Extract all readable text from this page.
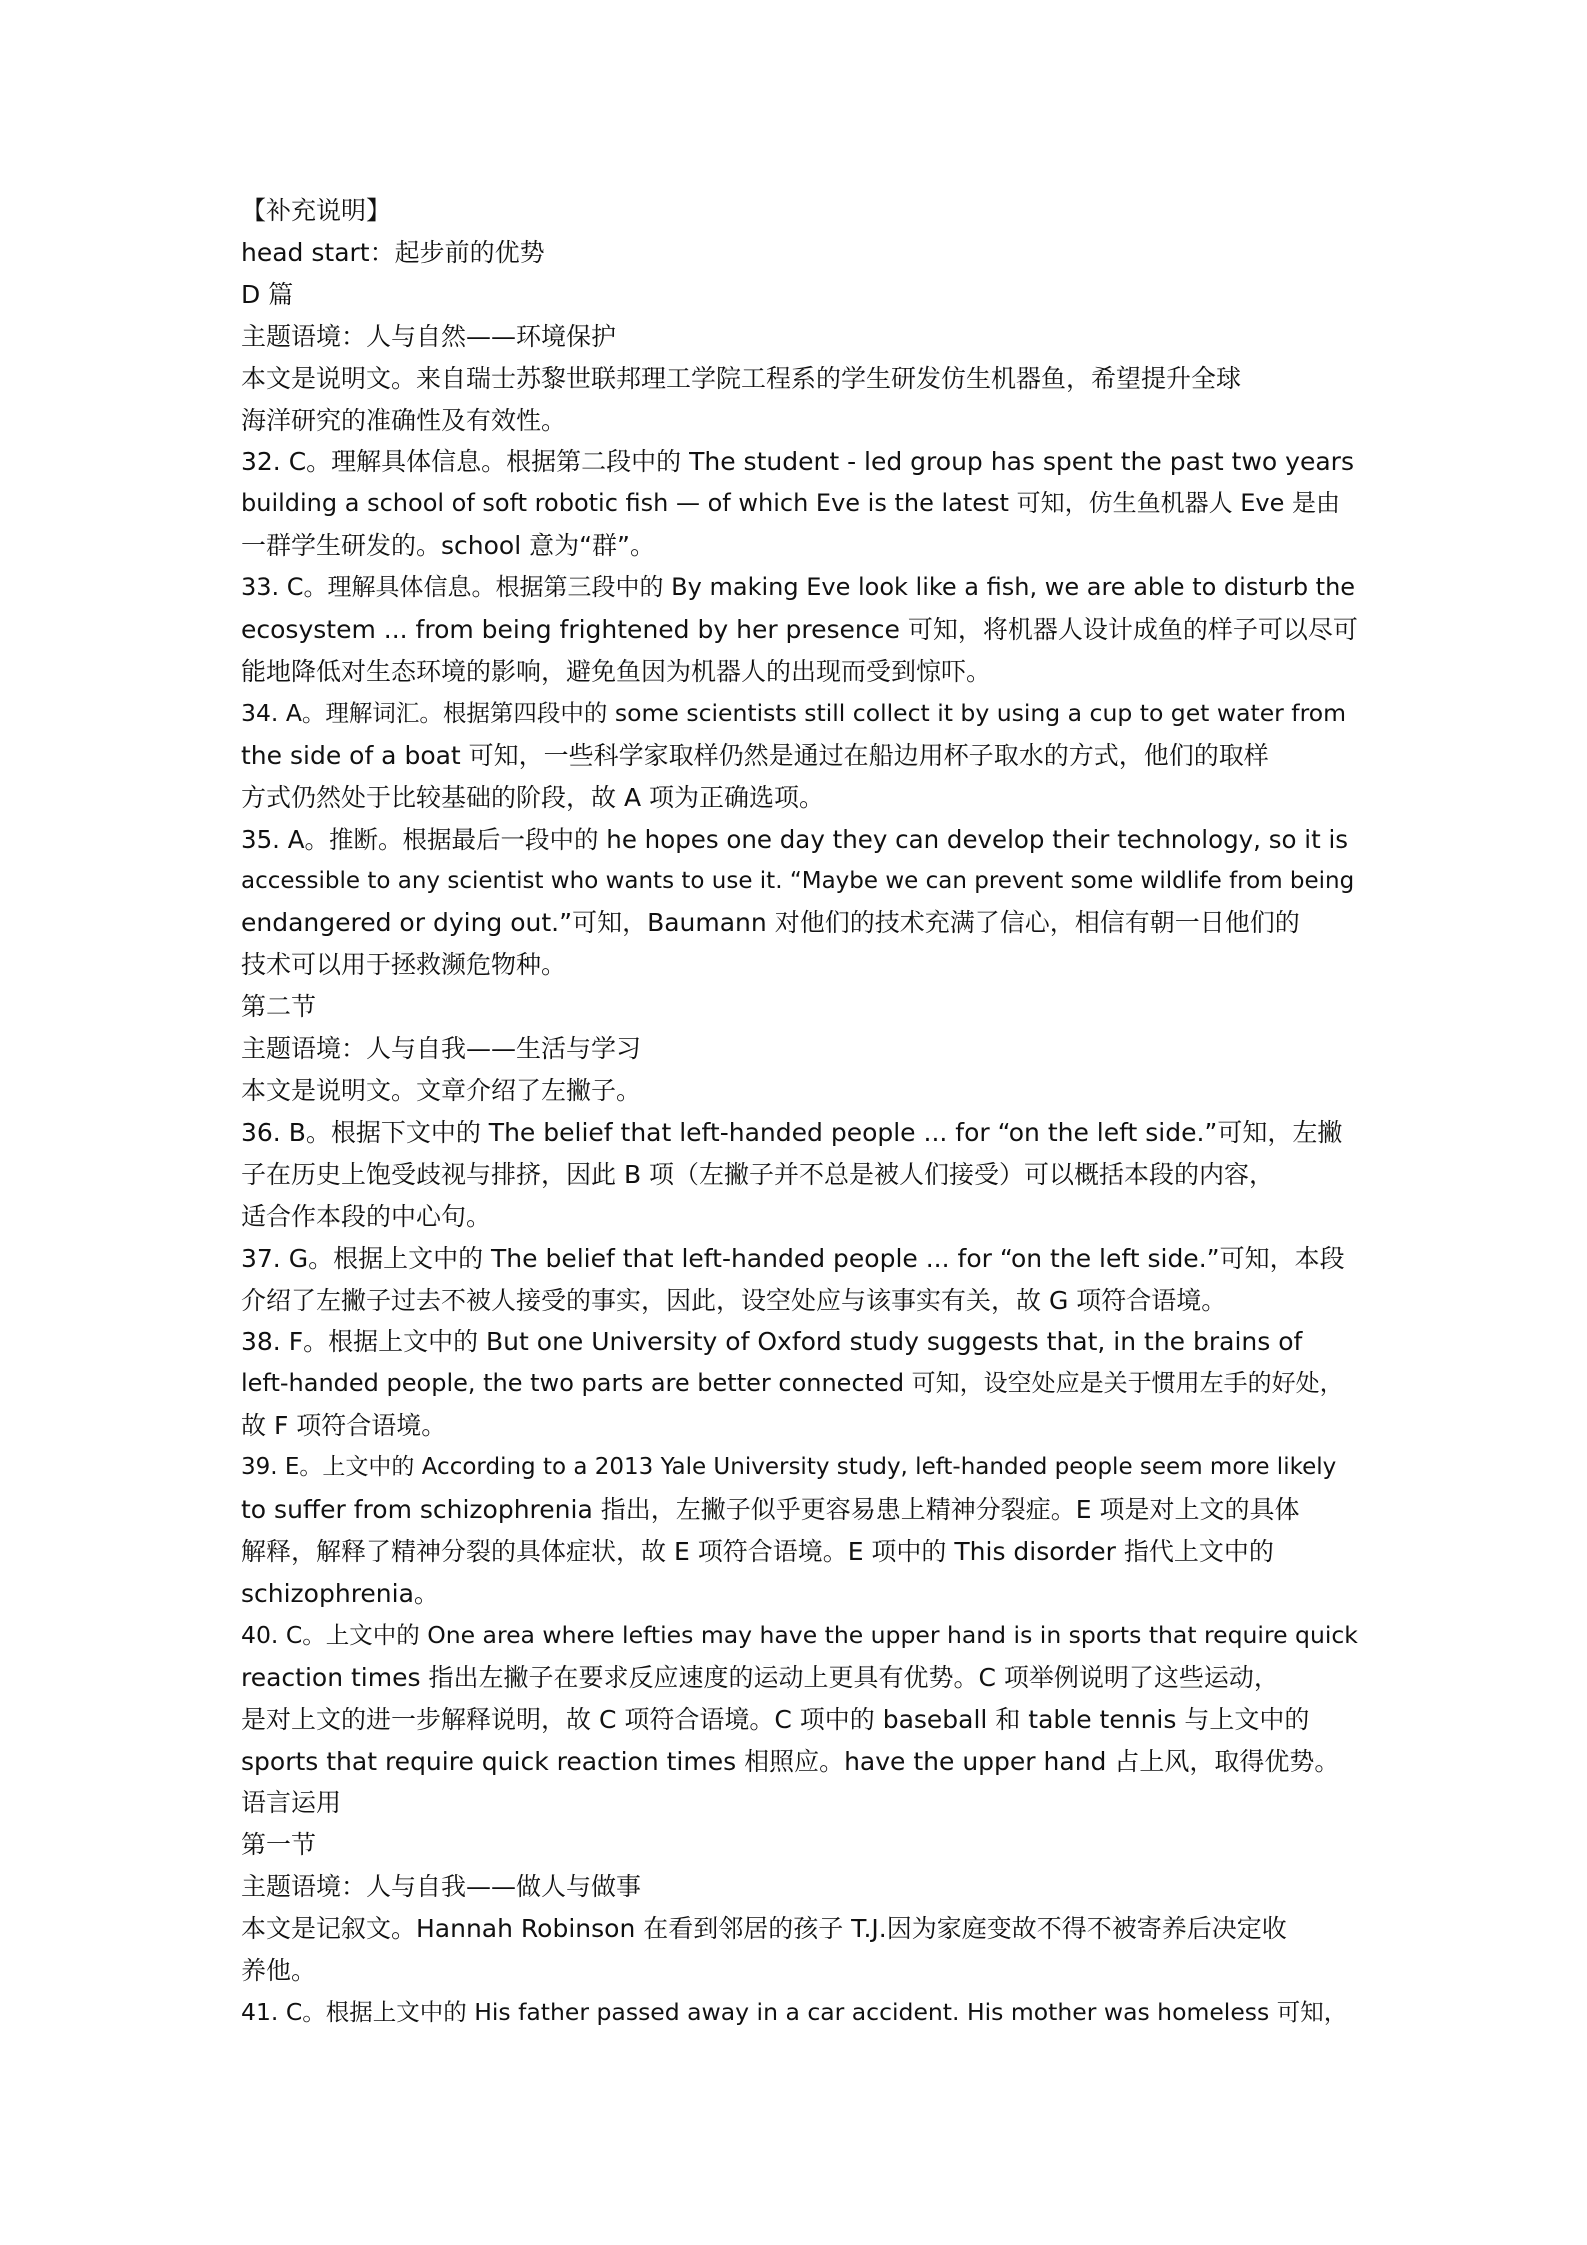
【补充说明】
head start：起步前的优势
D 篇
主题语境：人与自然——环境保护
本文是说明文。来自瑞士苏黎世联邦理工学院工程系的学生研发仿生机器鱼，希望提升全球
海洋研究的准确性及有效性。
32. C。理解具体信息。根据第二段中的 The student - led group has spent the past two years
building a school of soft robotic fish — of which Eve is the latest 可知，仿生鱼机器人 Eve 是由
一群学生研发的。school 意为“群”。
33. C。理解具体信息。根据第三段中的 By making Eve look like a fish, we are able to disturb the
ecosystem ... from being frightened by her presence 可知，将机器人设计成鱼的样子可以尽可
能地降低对生态环境的影响，避免鱼因为机器人的出现而受到惊吓。
34. A。理解词汇。根据第四段中的 some scientists still collect it by using a cup to get water from
the side of a boat 可知，一些科学家取样仍然是通过在船边用杯子取水的方式，他们的取样
方式仍然处于比较基础的阶段，故 A 项为正确选项。
35. A。推断。根据最后一段中的 he hopes one day they can develop their technology, so it is
accessible to any scientist who wants to use it. “Maybe we can prevent some wildlife from being
endangered or dying out.”可知，Baumann 对他们的技术充满了信心，相信有朝一日他们的
技术可以用于拯救濒危物种。
第二节
主题语境：人与自我——生活与学习
本文是说明文。文章介绍了左撇子。
36. B。根据下文中的 The belief that left-handed people ... for “on the left side.”可知，左撇
子在历史上饱受歧视与排挤，因此 B 项（左撇子并不总是被人们接受）可以概括本段的内容，
适合作本段的中心句。
37. G。根据上文中的 The belief that left-handed people ... for “on the left side.”可知，本段
介绍了左撇子过去不被人接受的事实，因此，设空处应与该事实有关，故 G 项符合语境。
38. F。根据上文中的 But one University of Oxford study suggests that, in the brains of
left-handed people, the two parts are better connected 可知，设空处应是关于惯用左手的好处，
故 F 项符合语境。
39. E。上文中的 According to a 2013 Yale University study, left-handed people seem more likely
to suffer from schizophrenia 指出，左撇子似乎更容易患上精神分裂症。E 项是对上文的具体
解释，解释了精神分裂的具体症状，故 E 项符合语境。E 项中的 This disorder 指代上文中的
schizophrenia。
40. C。上文中的 One area where lefties may have the upper hand is in sports that require quick
reaction times 指出左撇子在要求反应速度的运动上更具有优势。C 项举例说明了这些运动，
是对上文的进一步解释说明，故 C 项符合语境。C 项中的 baseball 和 table tennis 与上文中的
sports that require quick reaction times 相照应。have the upper hand 占上风，取得优势。
语言运用
第一节
主题语境：人与自我——做人与做事
本文是记叙文。Hannah Robinson 在看到邻居的孩子 T.J.因为家庭变故不得不被寄养后决定收
养他。
41. C。根据上文中的 His father passed away in a car accident. His mother was homeless 可知，
